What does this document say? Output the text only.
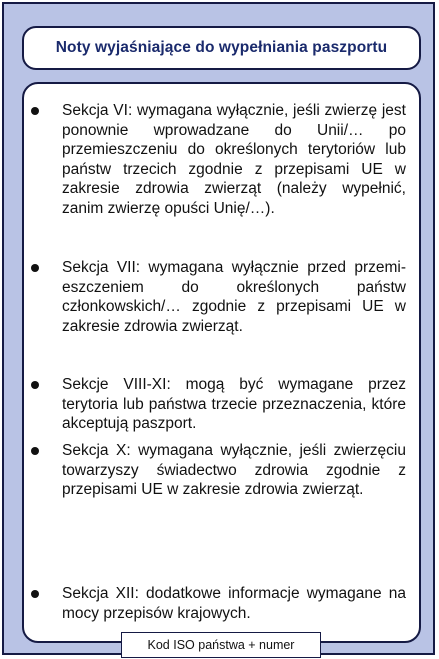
Noty wyjaśniające do wypełniania paszportu
Sekcja VI: wymagana wyłącznie, jeśli zwierzę jest ponownie wprowadzane do Unii/… po przemieszczeniu do określonych terytoriów lub państw trzecich zgodnie z przepisami UE w zakresie zdrowia zwierząt (należy wypełnić, zanim zwierzę opuści Unię/…).
Sekcja VII: wymagana wyłącznie przed przemi-eszczeniem do określonych państw członkowskich/… zgodnie z przepisami UE w zakresie zdrowia zwierząt.
Sekcje VIII-XI: mogą być wymagane przez terytoria lub państwa trzecie przeznaczenia, które akceptują paszport.
Sekcja X: wymagana wyłącznie, jeśli zwierzęciu towarzyszy świadectwo zdrowia zgodnie z przepisami UE w zakresie zdrowia zwierząt.
Sekcja XII: dodatkowe informacje wymagane na mocy przepisów krajowych.
Kod ISO państwa + numer
